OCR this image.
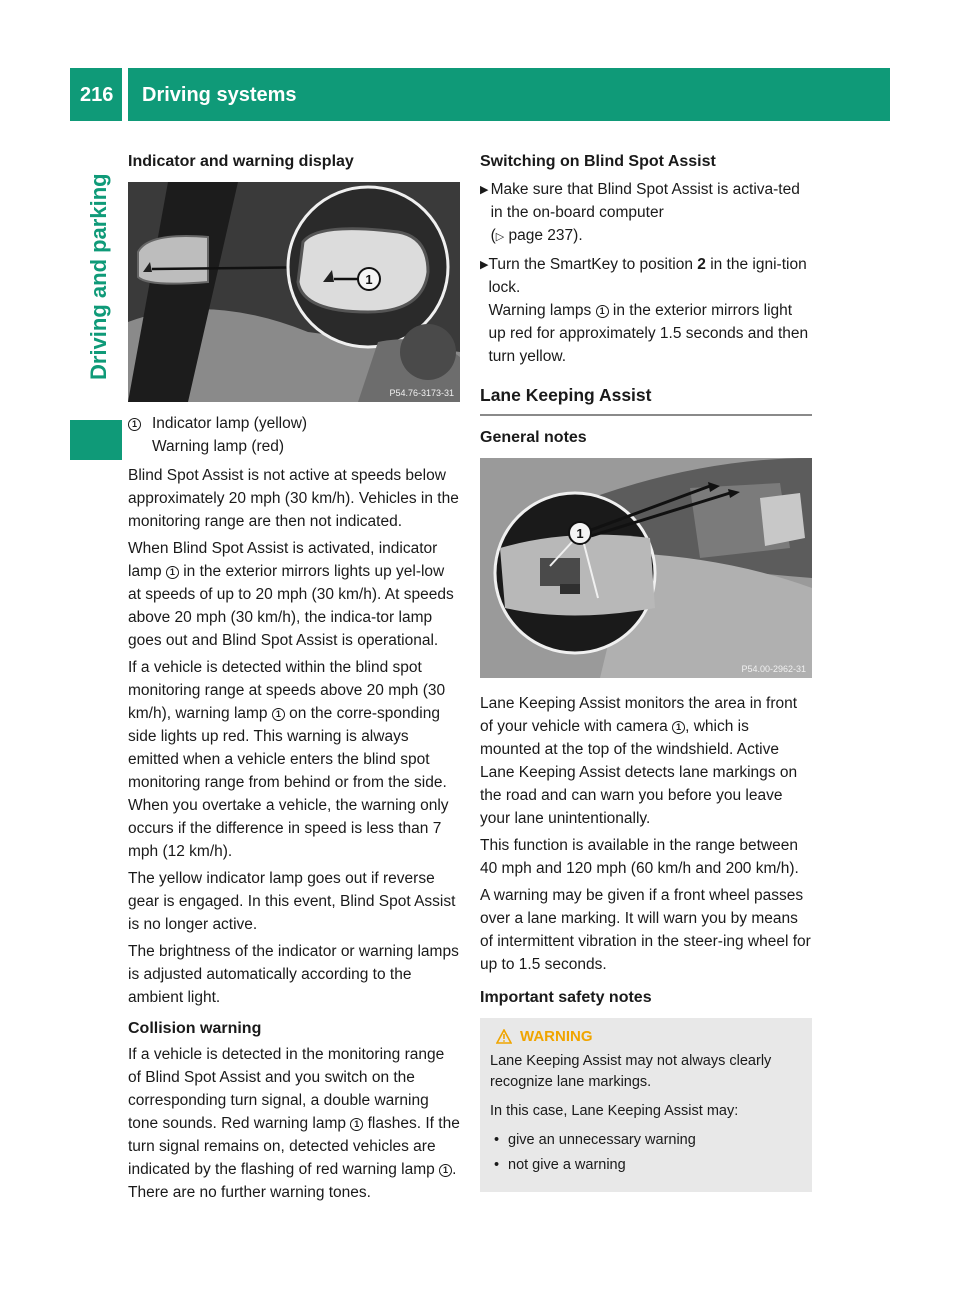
216 Driving systems
Driving and parking
Indicator and warning display
1
P54.76-3173-31
1 Indicator lamp (yellow)
Warning lamp (red)

Blind Spot Assist is not active at speeds below approximately 20 mph (30 km/h). Vehicles in the monitoring range are then not indicated.

When Blind Spot Assist is activated, indicator lamp 1 in the exterior mirrors lights up yel-low at speeds of up to 20 mph (30 km/h). At speeds above 20 mph (30 km/h), the indica-tor lamp goes out and Blind Spot Assist is operational.

If a vehicle is detected within the blind spot monitoring range at speeds above 20 mph (30 km/h), warning lamp 1 on the corre-sponding side lights up red. This warning is always emitted when a vehicle enters the blind spot monitoring range from behind or from the side. When you overtake a vehicle, the warning only occurs if the difference in speed is less than 7 mph (12 km/h).

The yellow indicator lamp goes out if reverse gear is engaged. In this event, Blind Spot Assist is no longer active.

The brightness of the indicator or warning lamps is adjusted automatically according to the ambient light.

Collision warning

If a vehicle is detected in the monitoring range of Blind Spot Assist and you switch on the corresponding turn signal, a double warning tone sounds. Red warning lamp 1 flashes. If the turn signal remains on, detected vehicles are indicated by the flashing of red warning lamp 1 . There are no further warning tones.

Switching on Blind Spot Assist
▶ Make sure that Blind Spot Assist is activa-ted in the on-board computer
(▷ page 237).
▶ Turn the SmartKey to position 2 in the igni-tion lock.
Warning lamps 1 in the exterior mirrors light up red for approximately 1.5 seconds and then turn yellow.
Lane Keeping Assist
General notes
1
P54.00-2962-31

Lane Keeping Assist monitors the area in front of your vehicle with camera 1 , which is mounted at the top of the windshield. Active Lane Keeping Assist detects lane markings on the road and can warn you before you leave your lane unintentionally.

This function is available in the range between 40 mph and 120 mph (60 km/h and 200 km/h).

A warning may be given if a front wheel passes over a lane marking. It will warn you by means of intermittent vibration in the steer-ing wheel for up to 1.5 seconds.

Important safety notes
WARNING

Lane Keeping Assist may not always clearly recognize lane markings.

In this case, Lane Keeping Assist may:

• give an unnecessary warning
• not give a warning
